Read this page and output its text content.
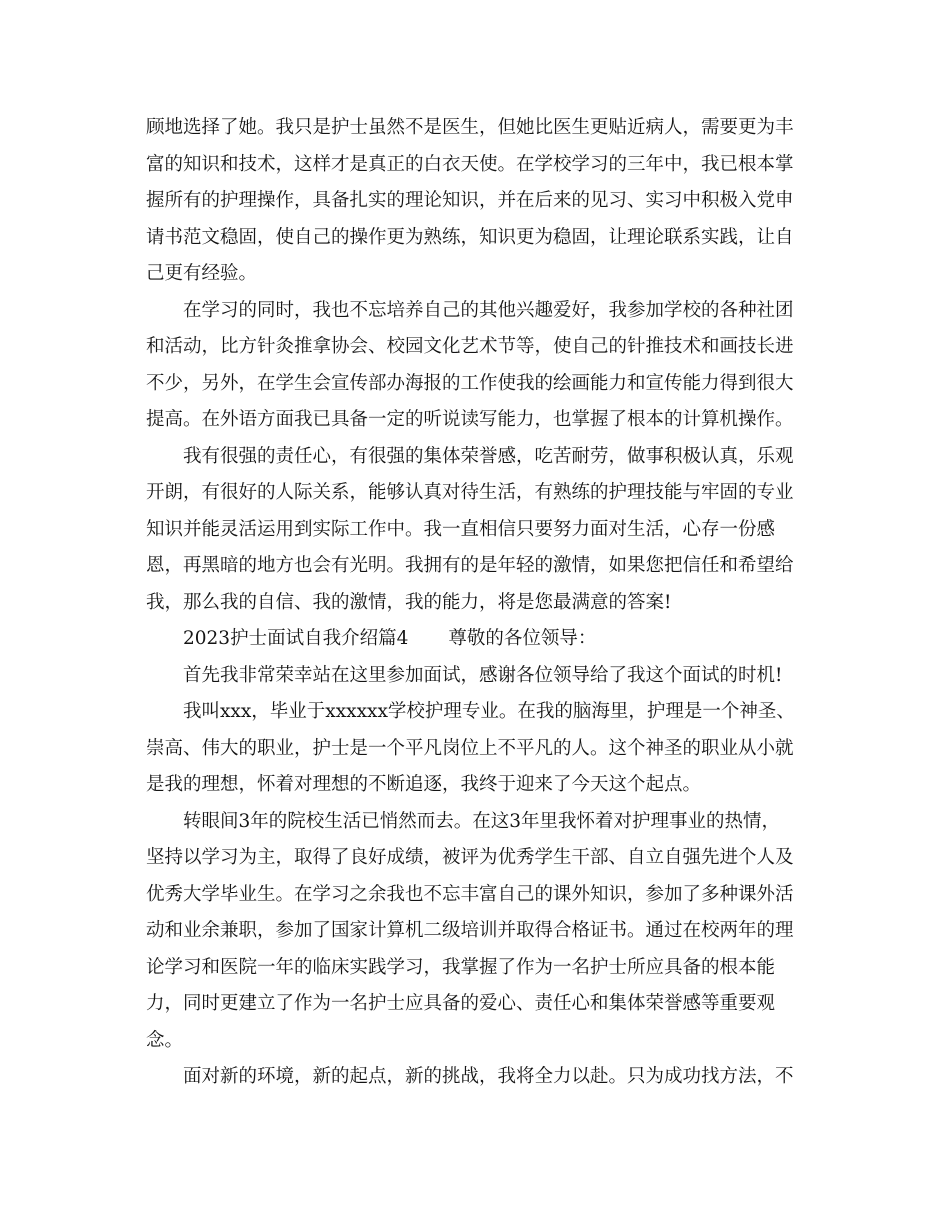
顾地选择了她。我只是护士虽然不是医生，但她比医生更贴近病人，需要更为丰
富的知识和技术，这样才是真正的白衣天使。在学校学习的三年中，我已根本掌
握所有的护理操作，具备扎实的理论知识，并在后来的见习、实习中积极入党申
请书范文稳固，使自己的操作更为熟练，知识更为稳固，让理论联系实践，让自
己更有经验。
在学习的同时，我也不忘培养自己的其他兴趣爱好，我参加学校的各种社团
和活动，比方针灸推拿协会、校园文化艺术节等，使自己的针推技术和画技长进
不少，另外，在学生会宣传部办海报的工作使我的绘画能力和宣传能力得到很大
提高。在外语方面我已具备一定的听说读写能力，也掌握了根本的计算机操作。
我有很强的责任心，有很强的集体荣誉感，吃苦耐劳，做事积极认真，乐观
开朗，有很好的人际关系，能够认真对待生活，有熟练的护理技能与牢固的专业
知识并能灵活运用到实际工作中。我一直相信只要努力面对生活，心存一份感
恩，再黑暗的地方也会有光明。我拥有的是年轻的激情，如果您把信任和希望给
我，那么我的自信、我的激情，我的能力，将是您最满意的答案!
2023护士面试自我介绍篇4 尊敬的各位领导：
首先我非常荣幸站在这里参加面试，感谢各位领导给了我这个面试的时机!
我叫xxx，毕业于xxxxxx学校护理专业。在我的脑海里，护理是一个神圣、
崇高、伟大的职业，护士是一个平凡岗位上不平凡的人。这个神圣的职业从小就
是我的理想，怀着对理想的不断追逐，我终于迎来了今天这个起点。
转眼间3年的院校生活已悄然而去。在这3年里我怀着对护理事业的热情，
坚持以学习为主，取得了良好成绩，被评为优秀学生干部、自立自强先进个人及
优秀大学毕业生。在学习之余我也不忘丰富自己的课外知识，参加了多种课外活
动和业余兼职，参加了国家计算机二级培训并取得合格证书。通过在校两年的理
论学习和医院一年的临床实践学习，我掌握了作为一名护士所应具备的根本能
力，同时更建立了作为一名护士应具备的爱心、责任心和集体荣誉感等重要观
念。
面对新的环境，新的起点，新的挑战，我将全力以赴。只为成功找方法，不
